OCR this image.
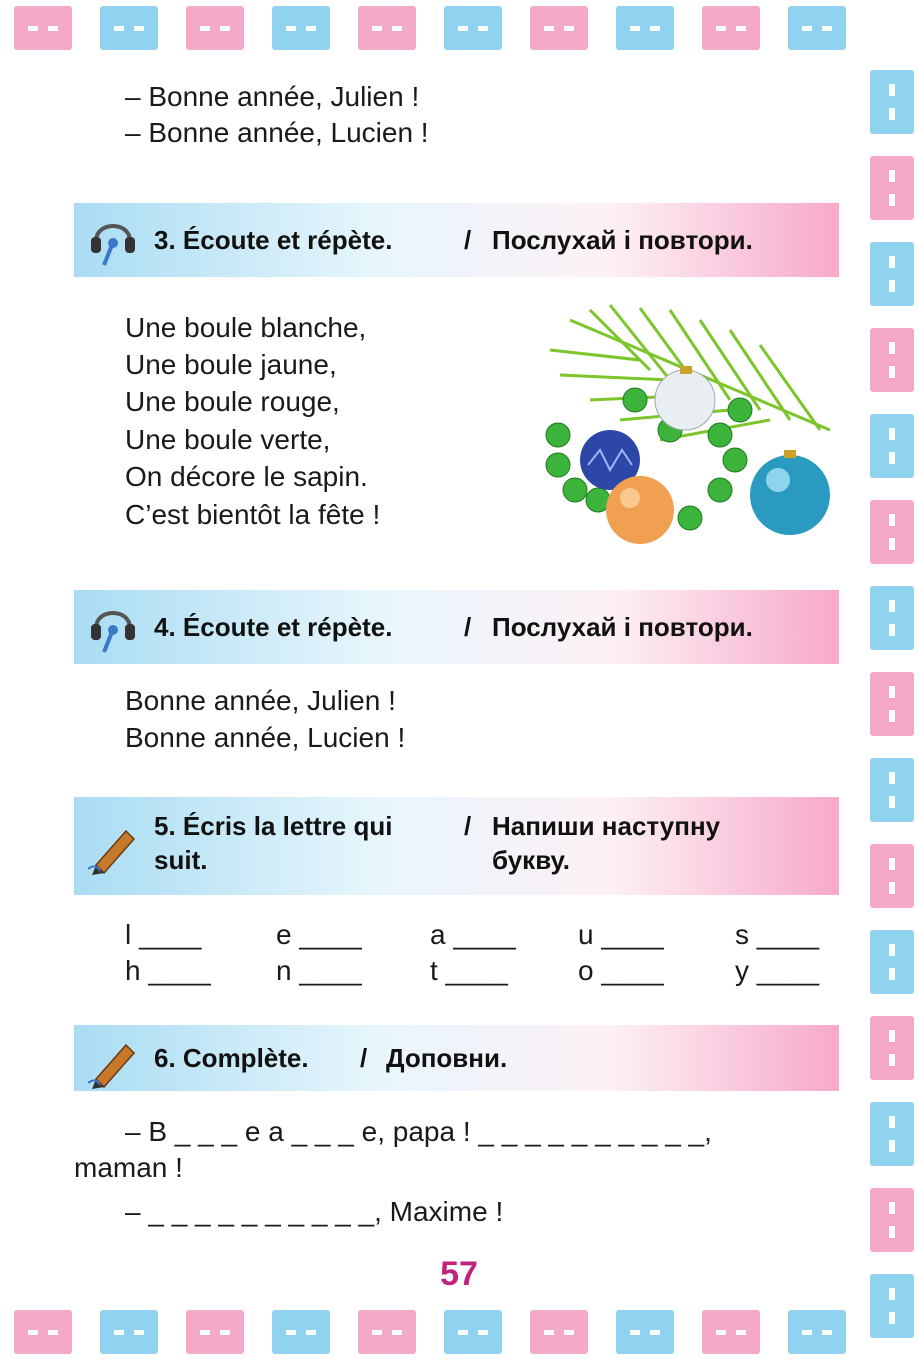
– Bonne année, Julien !
– Bonne année, Lucien !
3. Écoute et répète.	/ Послухай і повтори.
Une boule blanche,
Une boule jaune,
Une boule rouge,
Une boule verte,
On décore le sapin.
C’est bientôt la fête !
4. Écoute et répète.	/ Послухай і повтори.
Bonne année, Julien !
Bonne année, Lucien !
5. Écris la lettre qui
suit.
/ Напиши наступну
букву.
l ____	e ____ a ____ u ____	s ____
h ____ n ____ t ____	o ____	y ____
6. Complète. / Доповни.
– B _ _ _ e a _ _ _ e, papa ! _ _ _ _ _ _ _ _ _ _,
maman !
– _ _ _ _ _ _ _ _ _ _, Maxime !
57
